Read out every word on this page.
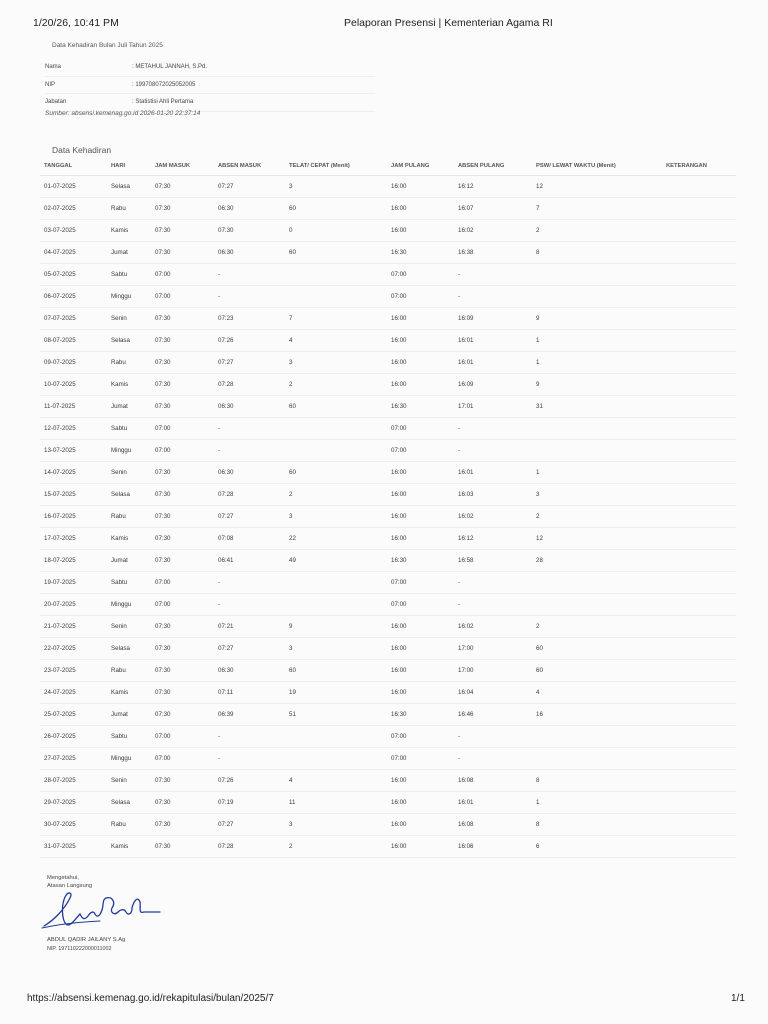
1/20/26, 10:41 PM	Pelaporan Presensi | Kementerian Agama RI
Data Kehadiran Bulan Juli Tahun 2025
Nama	: METAHUL JANNAH, S.Pd.
NIP	: 199708072025052005
Jabatan	: Statistisi Ahli Pertama
Sumber: absensi.kemenag.go.id 2026-01-20 22:37:14
Data Kehadiran
TANGGAL	HARI	JAM MASUK	ABSEN MASUK	TELAT/ CEPAT (Menit)	JAM PULANG	ABSEN PULANG	PSW/ LEWAT WAKTU (Menit)	KETERANGAN
01-07-2025	Selasa	07:30	07:27	3	16:00	16:12	12	
02-07-2025	Rabu	07:30	06:30	60	16:00	16:07	7	
03-07-2025	Kamis	07:30	07:30	0	16:00	16:02	2	
04-07-2025	Jumat	07:30	06:30	60	16:30	16:38	8	
05-07-2025	Sabtu	07:00	-		07:00	-		
06-07-2025	Minggu	07:00	-		07:00	-		
07-07-2025	Senin	07:30	07:23	7	16:00	16:09	9	
08-07-2025	Selasa	07:30	07:26	4	16:00	16:01	1	
09-07-2025	Rabu	07:30	07:27	3	16:00	16:01	1	
10-07-2025	Kamis	07:30	07:28	2	16:00	16:09	9	
11-07-2025	Jumat	07:30	06:30	60	16:30	17:01	31	
12-07-2025	Sabtu	07:00	-		07:00	-		
13-07-2025	Minggu	07:00	-		07:00	-		
14-07-2025	Senin	07:30	06:30	60	16:00	16:01	1	
15-07-2025	Selasa	07:30	07:28	2	16:00	16:03	3	
16-07-2025	Rabu	07:30	07:27	3	16:00	16:02	2	
17-07-2025	Kamis	07:30	07:08	22	16:00	16:12	12	
18-07-2025	Jumat	07:30	06:41	49	16:30	16:58	28	
19-07-2025	Sabtu	07:00	-		07:00	-		
20-07-2025	Minggu	07:00	-		07:00	-		
21-07-2025	Senin	07:30	07:21	9	16:00	16:02	2	
22-07-2025	Selasa	07:30	07:27	3	16:00	17:00	60	
23-07-2025	Rabu	07:30	06:30	60	16:00	17:00	60	
24-07-2025	Kamis	07:30	07:11	19	16:00	16:04	4	
25-07-2025	Jumat	07:30	06:39	51	16:30	16:46	16	
26-07-2025	Sabtu	07:00	-		07:00	-		
27-07-2025	Minggu	07:00	-		07:00	-		
28-07-2025	Senin	07:30	07:26	4	16:00	16:08	8	
29-07-2025	Selasa	07:30	07:19	11	16:00	16:01	1	
30-07-2025	Rabu	07:30	07:27	3	16:00	16:08	8	
31-07-2025	Kamis	07:30	07:28	2	16:00	16:06	6	
Mengetahui,
Atasan Langsung
ABDUL QADIR JAILANY S.Ag
NIP. 197110222000011002
https://absensi.kemenag.go.id/rekapitulasi/bulan/2025/7	1/1
